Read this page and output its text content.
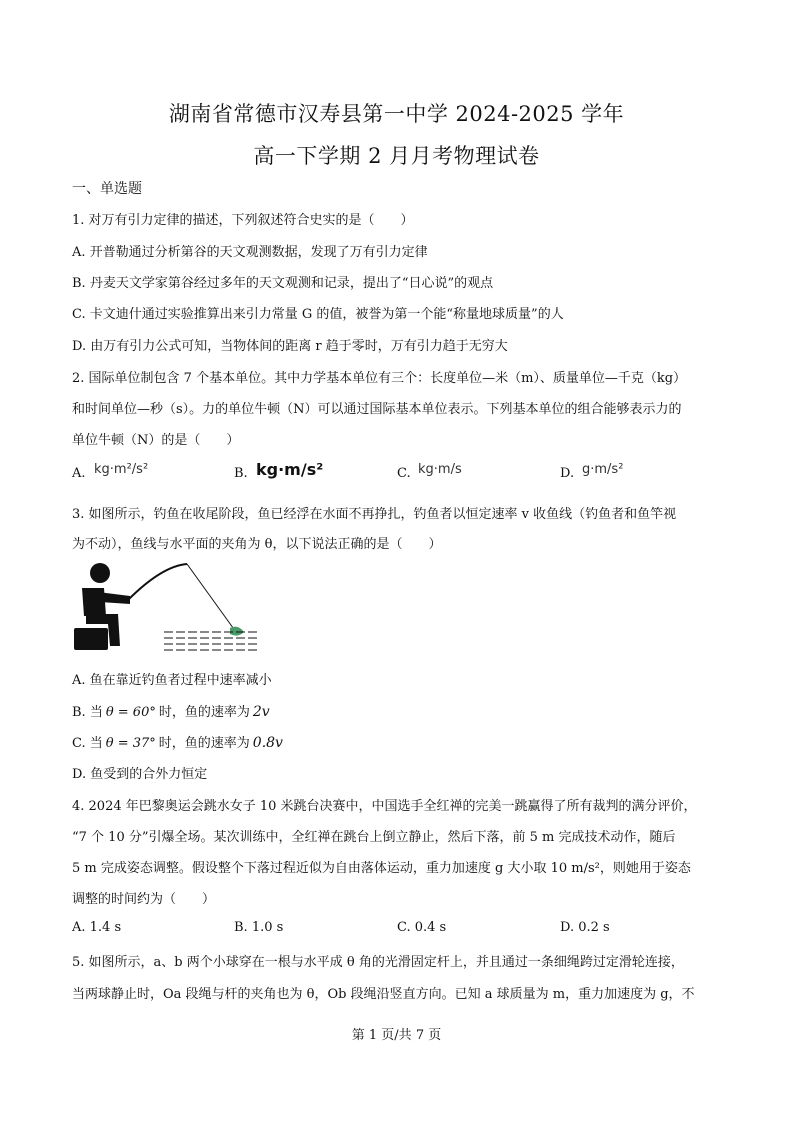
湖南省常德市汉寿县第一中学 2024-2025 学年
高一下学期 2 月月考物理试卷
一、单选题
1. 对万有引力定律的描述，下列叙述符合史实的是（　　）
A. 开普勒通过分析第谷的天文观测数据，发现了万有引力定律
B. 丹麦天文学家第谷经过多年的天文观测和记录，提出了“日心说”的观点
C. 卡文迪什通过实验推算出来引力常量 G 的值，被誉为第一个能“称量地球质量”的人
D. 由万有引力公式可知，当物体间的距离 r 趋于零时，万有引力趋于无穷大
2. 国际单位制包含 7 个基本单位。其中力学基本单位有三个：长度单位—米（m）、质量单位—千克（kg）
和时间单位—秒（s）。力的单位牛顿（N）可以通过国际基本单位表示。下列基本单位的组合能够表示力的
单位牛顿（N）的是（　　）
A. kg·m²/s²	B. kg·m/s²	C. kg·m/s	D. g·m/s²
3. 如图所示，钓鱼在收尾阶段，鱼已经浮在水面不再挣扎，钓鱼者以恒定速率 v 收鱼线（钓鱼者和鱼竿视
为不动），鱼线与水平面的夹角为 θ，以下说法正确的是（　　）
A. 鱼在靠近钓鱼者过程中速率减小
B. 当 θ = 60° 时，鱼的速率为 2v
C. 当 θ = 37° 时，鱼的速率为 0.8v
D. 鱼受到的合外力恒定
4. 2024 年巴黎奥运会跳水女子 10 米跳台决赛中，中国选手全红禅的完美一跳赢得了所有裁判的满分评价，
“7 个 10 分”引爆全场。某次训练中，全红禅在跳台上倒立静止，然后下落，前 5 m 完成技术动作，随后
5 m 完成姿态调整。假设整个下落过程近似为自由落体运动，重力加速度 g 大小取 10 m/s²，则她用于姿态
调整的时间约为（　　）
A. 1.4 s	B. 1.0 s	C. 0.4 s	D. 0.2 s
5. 如图所示，a、b 两个小球穿在一根与水平成 θ 角的光滑固定杆上，并且通过一条细绳跨过定滑轮连接，
当两球静止时，Oa 段绳与杆的夹角也为 θ，Ob 段绳沿竖直方向。已知 a 球质量为 m，重力加速度为 g，不
第 1 页/共 7 页
